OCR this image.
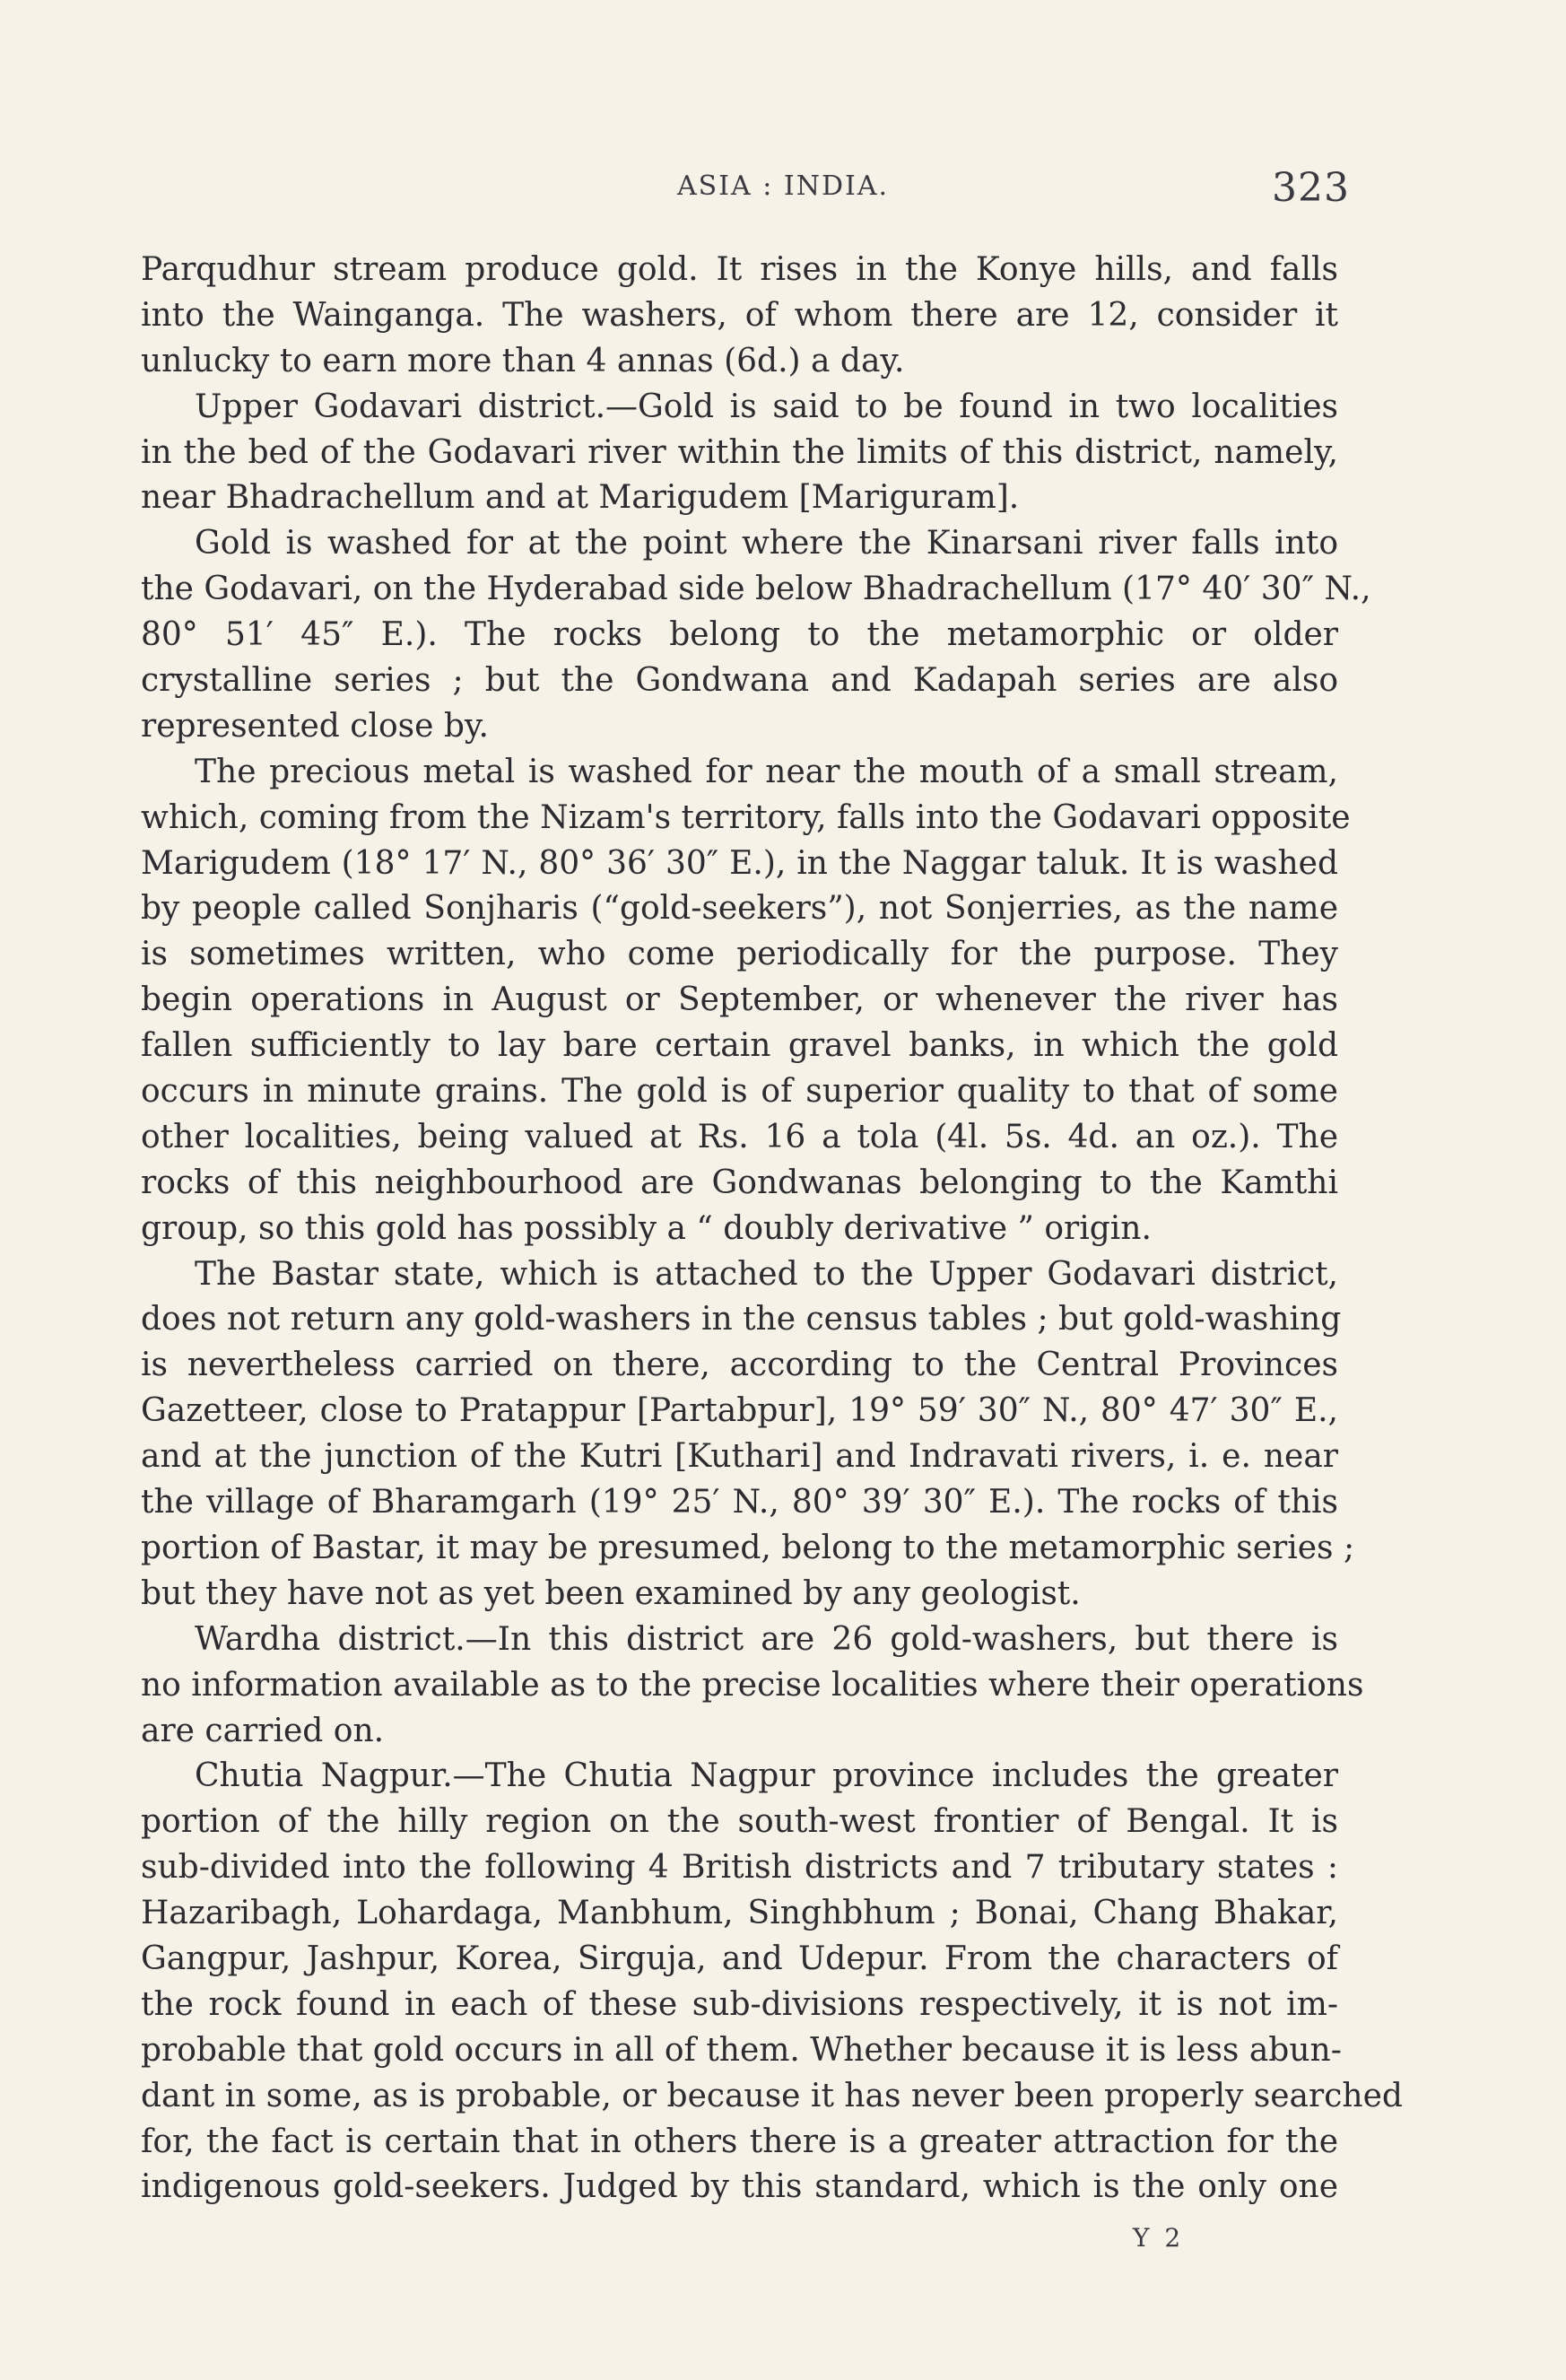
ASIA : INDIA.	323
Parqudhur stream produce gold. It rises in the Konye hills, and falls
into the Wainganga. The washers, of whom there are 12, consider it
unlucky to earn more than 4 annas (6d.) a day.
Upper Godavari district.—Gold is said to be found in two localities
in the bed of the Godavari river within the limits of this district, namely,
near Bhadrachellum and at Marigudem [Mariguram].
Gold is washed for at the point where the Kinarsani river falls into
the Godavari, on the Hyderabad side below Bhadrachellum (17° 40′ 30″ N.,
80° 51′ 45″ E.). The rocks belong to the metamorphic or older
crystalline series ; but the Gondwana and Kadapah series are also
represented close by.
The precious metal is washed for near the mouth of a small stream,
which, coming from the Nizam's territory, falls into the Godavari opposite
Marigudem (18° 17′ N., 80° 36′ 30″ E.), in the Naggar taluk. It is washed
by people called Sonjharis (“gold-seekers”), not Sonjerries, as the name
is sometimes written, who come periodically for the purpose. They
begin operations in August or September, or whenever the river has
fallen sufficiently to lay bare certain gravel banks, in which the gold
occurs in minute grains. The gold is of superior quality to that of some
other localities, being valued at Rs. 16 a tola (4l. 5s. 4d. an oz.). The
rocks of this neighbourhood are Gondwanas belonging to the Kamthi
group, so this gold has possibly a “ doubly derivative ” origin.
The Bastar state, which is attached to the Upper Godavari district,
does not return any gold-washers in the census tables ; but gold-washing
is nevertheless carried on there, according to the Central Provinces
Gazetteer, close to Pratappur [Partabpur], 19° 59′ 30″ N., 80° 47′ 30″ E.,
and at the junction of the Kutri [Kuthari] and Indravati rivers, i. e. near
the village of Bharamgarh (19° 25′ N., 80° 39′ 30″ E.). The rocks of this
portion of Bastar, it may be presumed, belong to the metamorphic series ;
but they have not as yet been examined by any geologist.
Wardha district.—In this district are 26 gold-washers, but there is
no information available as to the precise localities where their operations
are carried on.
Chutia Nagpur.—The Chutia Nagpur province includes the greater
portion of the hilly region on the south-west frontier of Bengal. It is
sub-divided into the following 4 British districts and 7 tributary states :
Hazaribagh, Lohardaga, Manbhum, Singhbhum ; Bonai, Chang Bhakar,
Gangpur, Jashpur, Korea, Sirguja, and Udepur. From the characters of
the rock found in each of these sub-divisions respectively, it is not im-
probable that gold occurs in all of them. Whether because it is less abun-
dant in some, as is probable, or because it has never been properly searched
for, the fact is certain that in others there is a greater attraction for the
indigenous gold-seekers. Judged by this standard, which is the only one
Y 2
